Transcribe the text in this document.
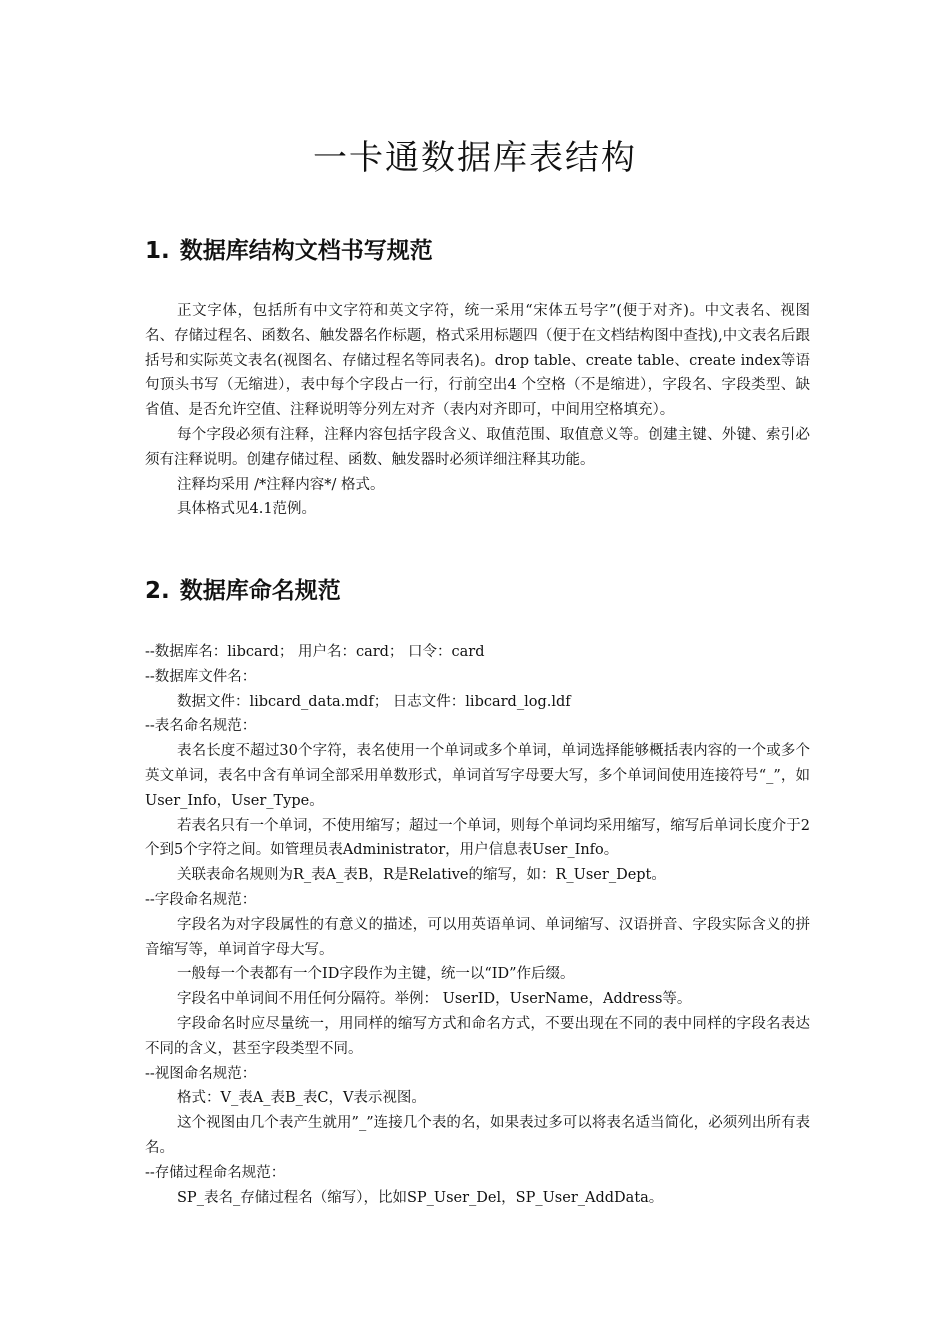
一卡通数据库表结构
1. 数据库结构文档书写规范

正文字体，包括所有中文字符和英文字符，统一采用“宋体五号字”(便于对齐)。中文表名、视图名、存储过程名、函数名、触发器名作标题，格式采用标题四（便于在文档结构图中查找),中文表名后跟括号和实际英文表名(视图名、存储过程名等同表名)。drop table、create table、create index等语句顶头书写（无缩进），表中每个字段占一行，行前空出4 个空格（不是缩进），字段名、字段类型、缺省值、是否允许空值、注释说明等分列左对齐（表内对齐即可，中间用空格填充）。

每个字段必须有注释，注释内容包括字段含义、取值范围、取值意义等。创建主键、外键、索引必须有注释说明。创建存储过程、函数、触发器时必须详细注释其功能。

注释均采用 /*注释内容*/ 格式。

具体格式见4.1范例。

2. 数据库命名规范

--数据库名：libcard； 用户名：card； 口令：card

--数据库文件名：

数据文件：libcard_data.mdf； 日志文件：libcard_log.ldf

--表名命名规范：

表名长度不超过30个字符，表名使用一个单词或多个单词，单词选择能够概括表内容的一个或多个英文单词，表名中含有单词全部采用单数形式，单词首写字母要大写，多个单词间使用连接符号“_”，如User_Info，User_Type。

若表名只有一个单词，不使用缩写；超过一个单词，则每个单词均采用缩写，缩写后单词长度介于2个到5个字符之间。如管理员表Administrator，用户信息表User_Info。

关联表命名规则为R_表A_表B，R是Relative的缩写，如：R_User_Dept。

--字段命名规范：

字段名为对字段属性的有意义的描述，可以用英语单词、单词缩写、汉语拼音、字段实际含义的拼音缩写等，单词首字母大写。

一般每一个表都有一个ID字段作为主键，统一以“ID”作后缀。

字段名中单词间不用任何分隔符。举例： UserID，UserName，Address等。

字段命名时应尽量统一，用同样的缩写方式和命名方式，不要出现在不同的表中同样的字段名表达不同的含义，甚至字段类型不同。

--视图命名规范：

格式：V_表A_表B_表C，V表示视图。

这个视图由几个表产生就用”_”连接几个表的名，如果表过多可以将表名适当简化，必须列出所有表名。

--存储过程命名规范：

SP_表名_存储过程名（缩写），比如SP_User_Del，SP_User_AddData。
